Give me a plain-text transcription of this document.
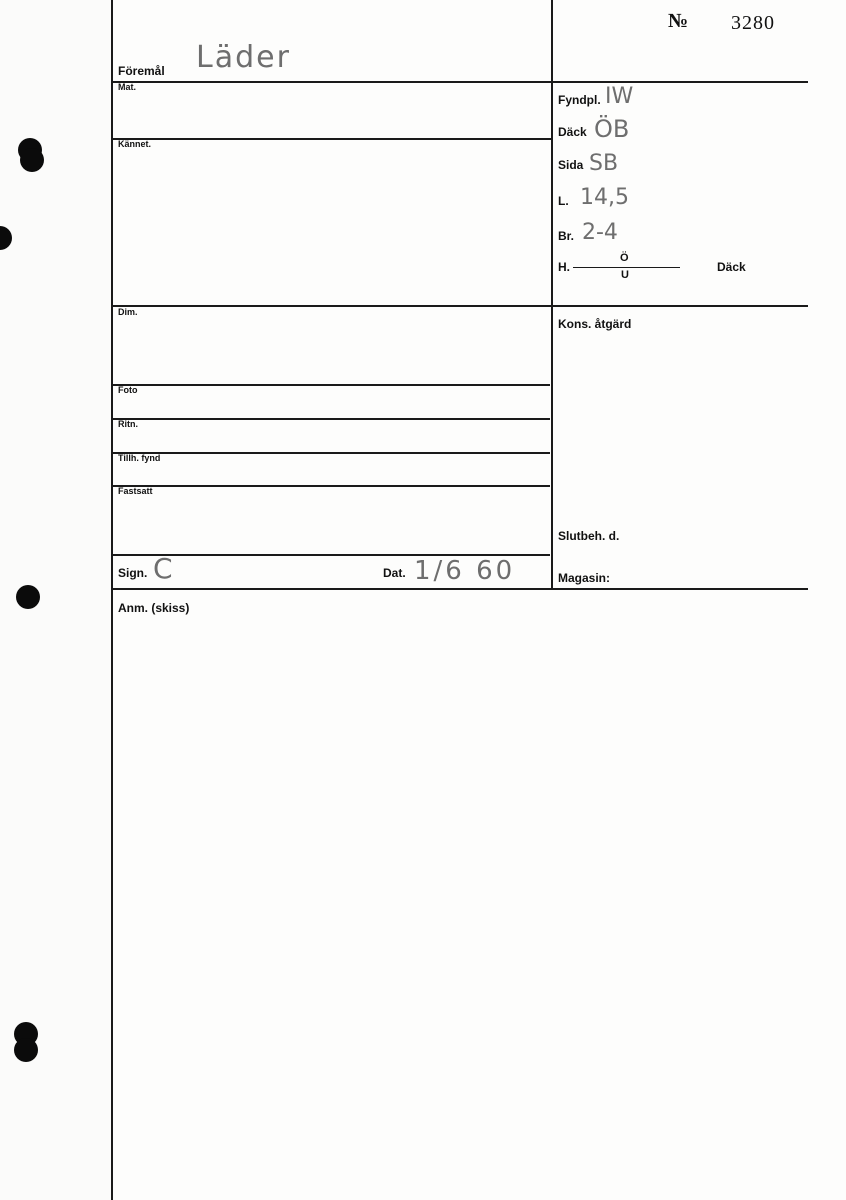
№ 3280
Föremål Läder
Mat.
Kännet.
Dim.
Foto
Ritn.
Tillh. fynd
Fastsatt
Sign. C	Dat. 1/6 60
Fyndpl. IW
Däck ÖB
Sida SB
L. 14,5
Br. 2-4
H.
Ö
U
Däck
Kons. åtgärd
Slutbeh. d.
Magasin:
Anm. (skiss)
